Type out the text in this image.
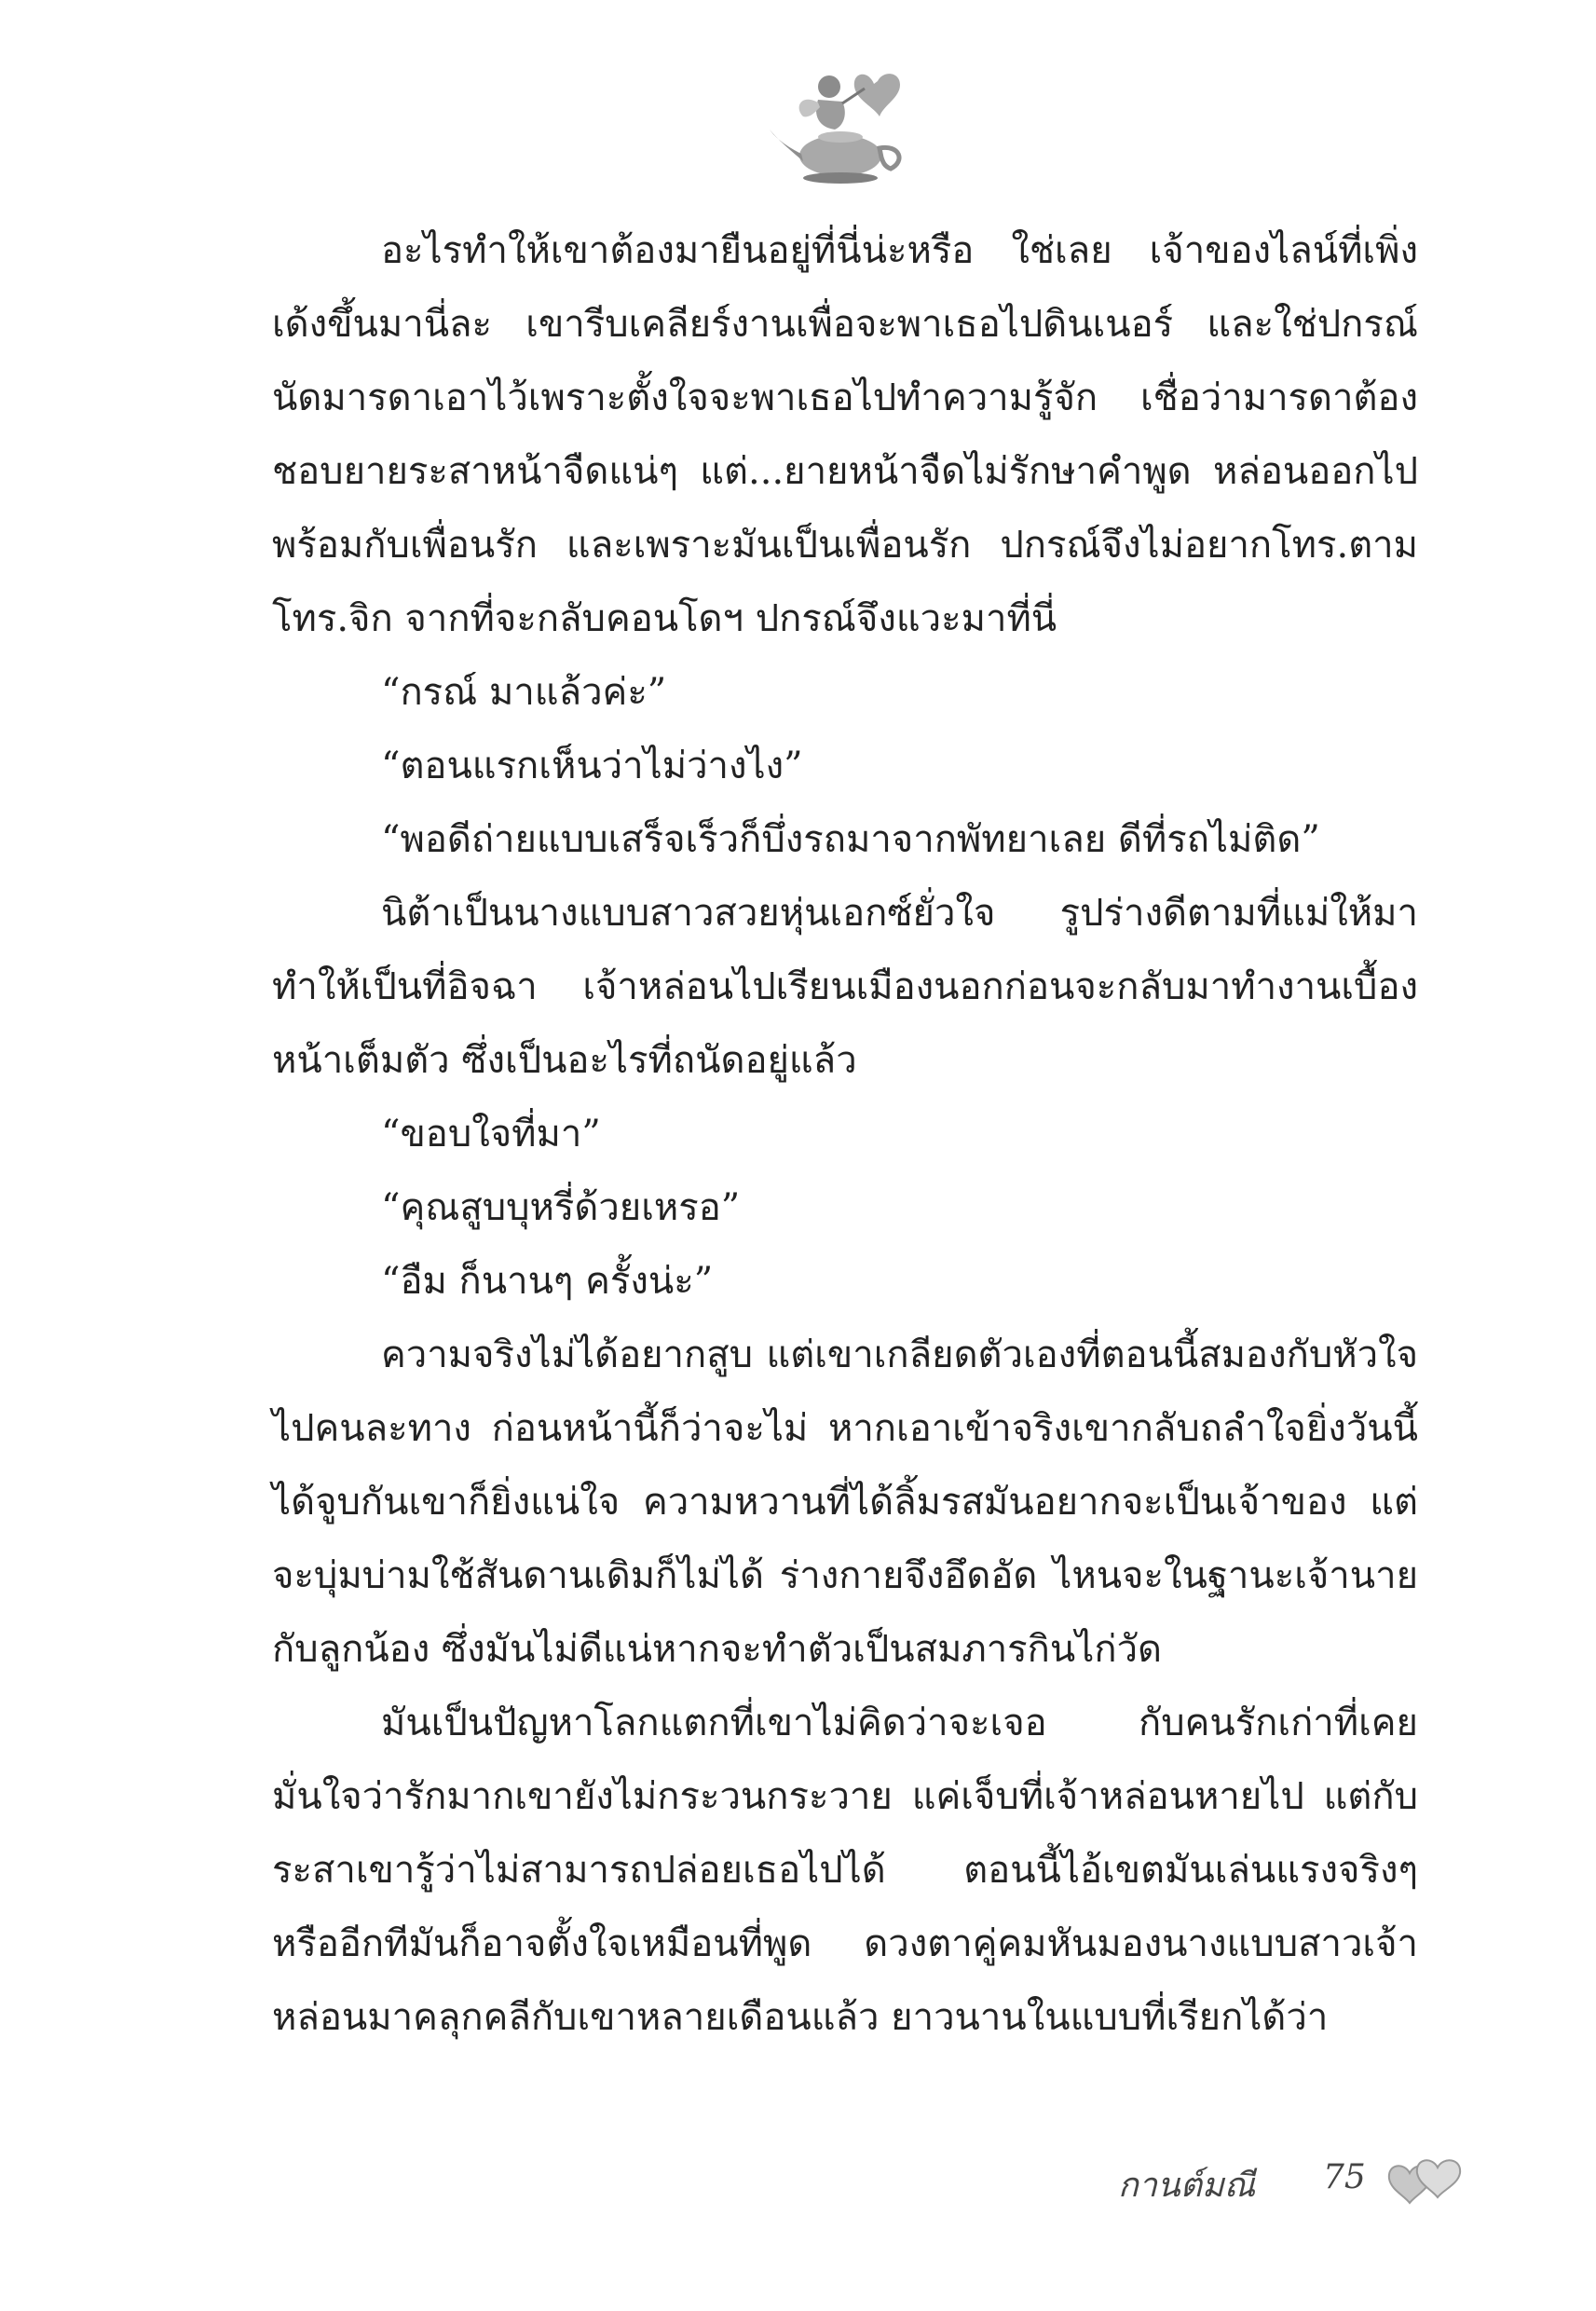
อะไรทำให้เขาต้องมายืนอยู่ที่นี่น่ะหรือ ใช่เลย เจ้าของไลน์ที่เพิ่งเด้งขึ้นมานี่ละ เขารีบเคลียร์งานเพื่อจะพาเธอไปดินเนอร์ และใช่ปกรณ์นัดมารดาเอาไว้เพราะตั้งใจจะพาเธอไปทำความรู้จัก เชื่อว่ามารดาต้องชอบยายระสาหน้าจืดแน่ๆ แต่...ยายหน้าจืดไม่รักษาคำพูด หล่อนออกไปพร้อมกับเพื่อนรัก และเพราะมันเป็นเพื่อนรัก ปกรณ์จึงไม่อยากโทร.ตามโทร.จิก จากที่จะกลับคอนโดฯ ปกรณ์จึงแวะมาที่นี่

“กรณ์ มาแล้วค่ะ”

“ตอนแรกเห็นว่าไม่ว่างไง”

“พอดีถ่ายแบบเสร็จเร็วก็บึ่งรถมาจากพัทยาเลย ดีที่รถไม่ติด”

นิต้าเป็นนางแบบสาวสวยหุ่นเอกซ์ยั่วใจ รูปร่างดีตามที่แม่ให้มาทำให้เป็นที่อิจฉา เจ้าหล่อนไปเรียนเมืองนอกก่อนจะกลับมาทำงานเบื้องหน้าเต็มตัว ซึ่งเป็นอะไรที่ถนัดอยู่แล้ว

“ขอบใจที่มา”

“คุณสูบบุหรี่ด้วยเหรอ”

“อืม ก็นานๆ ครั้งน่ะ”

ความจริงไม่ได้อยากสูบ แต่เขาเกลียดตัวเองที่ตอนนี้สมองกับหัวใจไปคนละทาง ก่อนหน้านี้ก็ว่าจะไม่ หากเอาเข้าจริงเขากลับถลำใจยิ่งวันนี้ได้จูบกันเขาก็ยิ่งแน่ใจ ความหวานที่ได้ลิ้มรสมันอยากจะเป็นเจ้าของ แต่จะบุ่มบ่ามใช้สันดานเดิมก็ไม่ได้ ร่างกายจึงอึดอัด ไหนจะในฐานะเจ้านายกับลูกน้อง ซึ่งมันไม่ดีแน่หากจะทำตัวเป็นสมภารกินไก่วัด

มันเป็นปัญหาโลกแตกที่เขาไม่คิดว่าจะเจอ กับคนรักเก่าที่เคยมั่นใจว่ารักมากเขายังไม่กระวนกระวาย แค่เจ็บที่เจ้าหล่อนหายไป แต่กับระสาเขารู้ว่าไม่สามารถปล่อยเธอไปได้ ตอนนี้ไอ้เขตมันเล่นแรงจริงๆ หรืออีกทีมันก็อาจตั้งใจเหมือนที่พูด ดวงตาคู่คมหันมองนางแบบสาวเจ้าหล่อนมาคลุกคลีกับเขาหลายเดือนแล้ว ยาวนานในแบบที่เรียกได้ว่า

กานต์มณี 75
